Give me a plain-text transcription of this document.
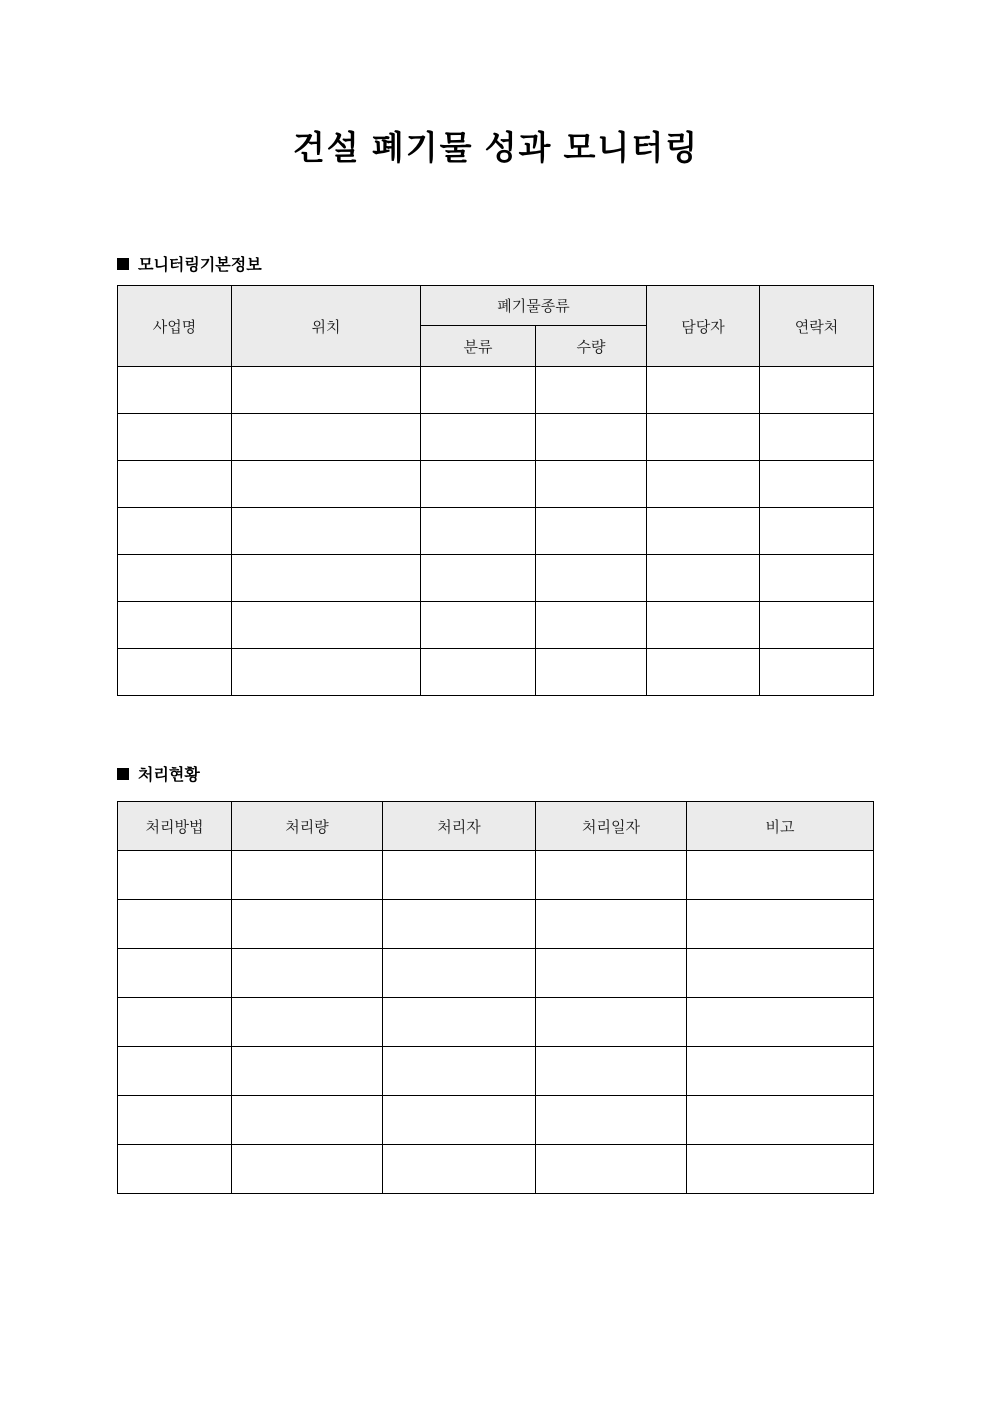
건설 폐기물 성과 모니터링
모니터링기본정보
사업명	위치	폐기물종류		담당자	연락처
		분류	수량		

처리현황
처리방법	처리량	처리자	처리일자	비고
